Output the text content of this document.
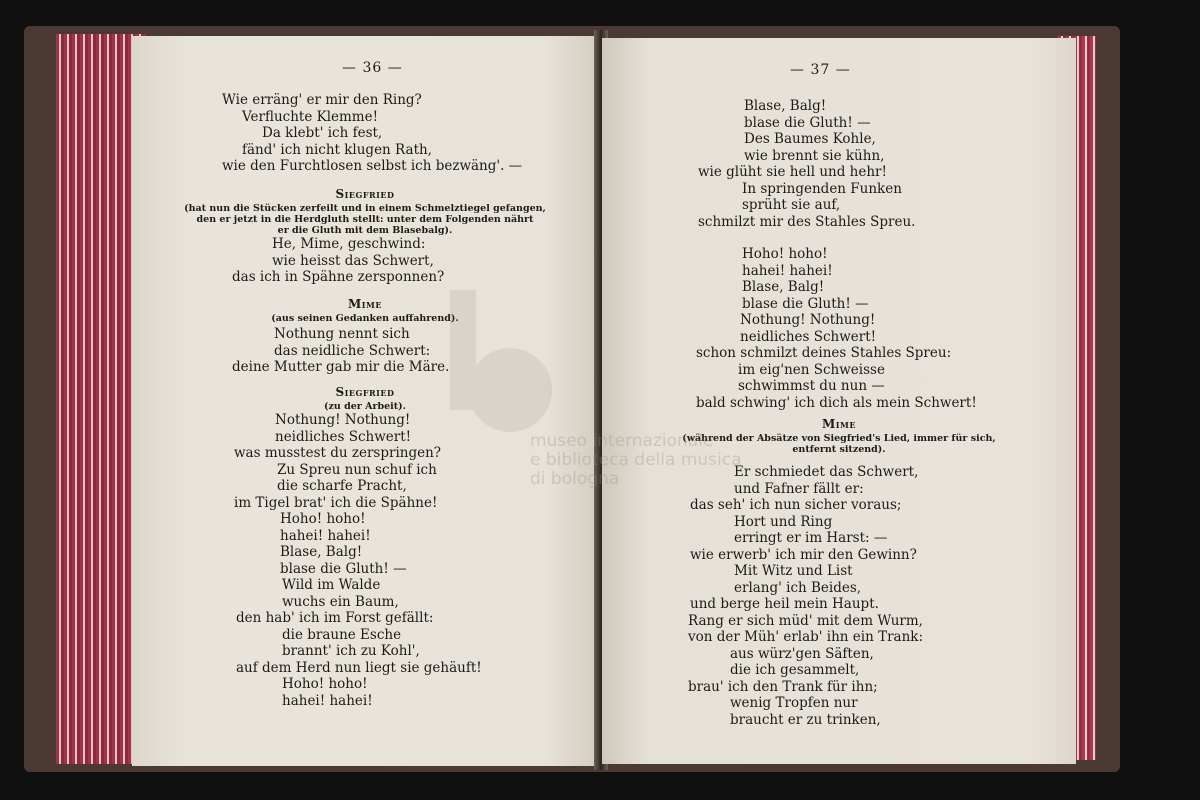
— 36 —
Wie erräng' er mir den Ring?
Verfluchte Klemme!
Da klebt' ich fest,
fänd' ich nicht klugen Rath,
wie den Furchtlosen selbst ich bezwäng'. —
Siegfried
(hat nun die Stücken zerfeilt und in einem Schmelztiegel gefangen,
den er jetzt in die Herdgluth stellt: unter dem Folgenden nährt
er die Gluth mit dem Blasebalg).
He, Mime, geschwind:
wie heisst das Schwert,
das ich in Spähne zersponnen?
Mime
(aus seinen Gedanken auffahrend).
Nothung nennt sich
das neidliche Schwert:
deine Mutter gab mir die Märe.
Siegfried
(zu der Arbeit).
Nothung! Nothung!
neidliches Schwert!
was musstest du zerspringen?
Zu Spreu nun schuf ich
die scharfe Pracht,
im Tigel brat' ich die Spähne!
Hoho! hoho!
hahei! hahei!
Blase, Balg!
blase die Gluth! —
Wild im Walde
wuchs ein Baum,
den hab' ich im Forst gefällt:
die braune Esche
brannt' ich zu Kohl',
auf dem Herd nun liegt sie gehäuft!
Hoho! hoho!
hahei! hahei!
— 37 —
Blase, Balg!
blase die Gluth! —
Des Baumes Kohle,
wie brennt sie kühn,
wie glüht sie hell und hehr!
In springenden Funken
sprüht sie auf,
schmilzt mir des Stahles Spreu.
Hoho! hoho!
hahei! hahei!
Blase, Balg!
blase die Gluth! —
Nothung! Nothung!
neidliches Schwert!
schon schmilzt deines Stahles Spreu:
im eig'nen Schweisse
schwimmst du nun —
bald schwing' ich dich als mein Schwert!
Mime
(während der Absätze von Siegfried's Lied, immer für sich,
entfernt sitzend).
Er schmiedet das Schwert,
und Fafner fällt er:
das seh' ich nun sicher voraus;
Hort und Ring
erringt er im Harst: —
wie erwerb' ich mir den Gewinn?
Mit Witz und List
erlang' ich Beides,
und berge heil mein Haupt.
Rang er sich müd' mit dem Wurm,
von der Müh' erlab' ihn ein Trank:
aus würz'gen Säften,
die ich gesammelt,
brau' ich den Trank für ihn;
wenig Tropfen nur
braucht er zu trinken,
museo internazionale
e biblioteca della musica
di bologna
